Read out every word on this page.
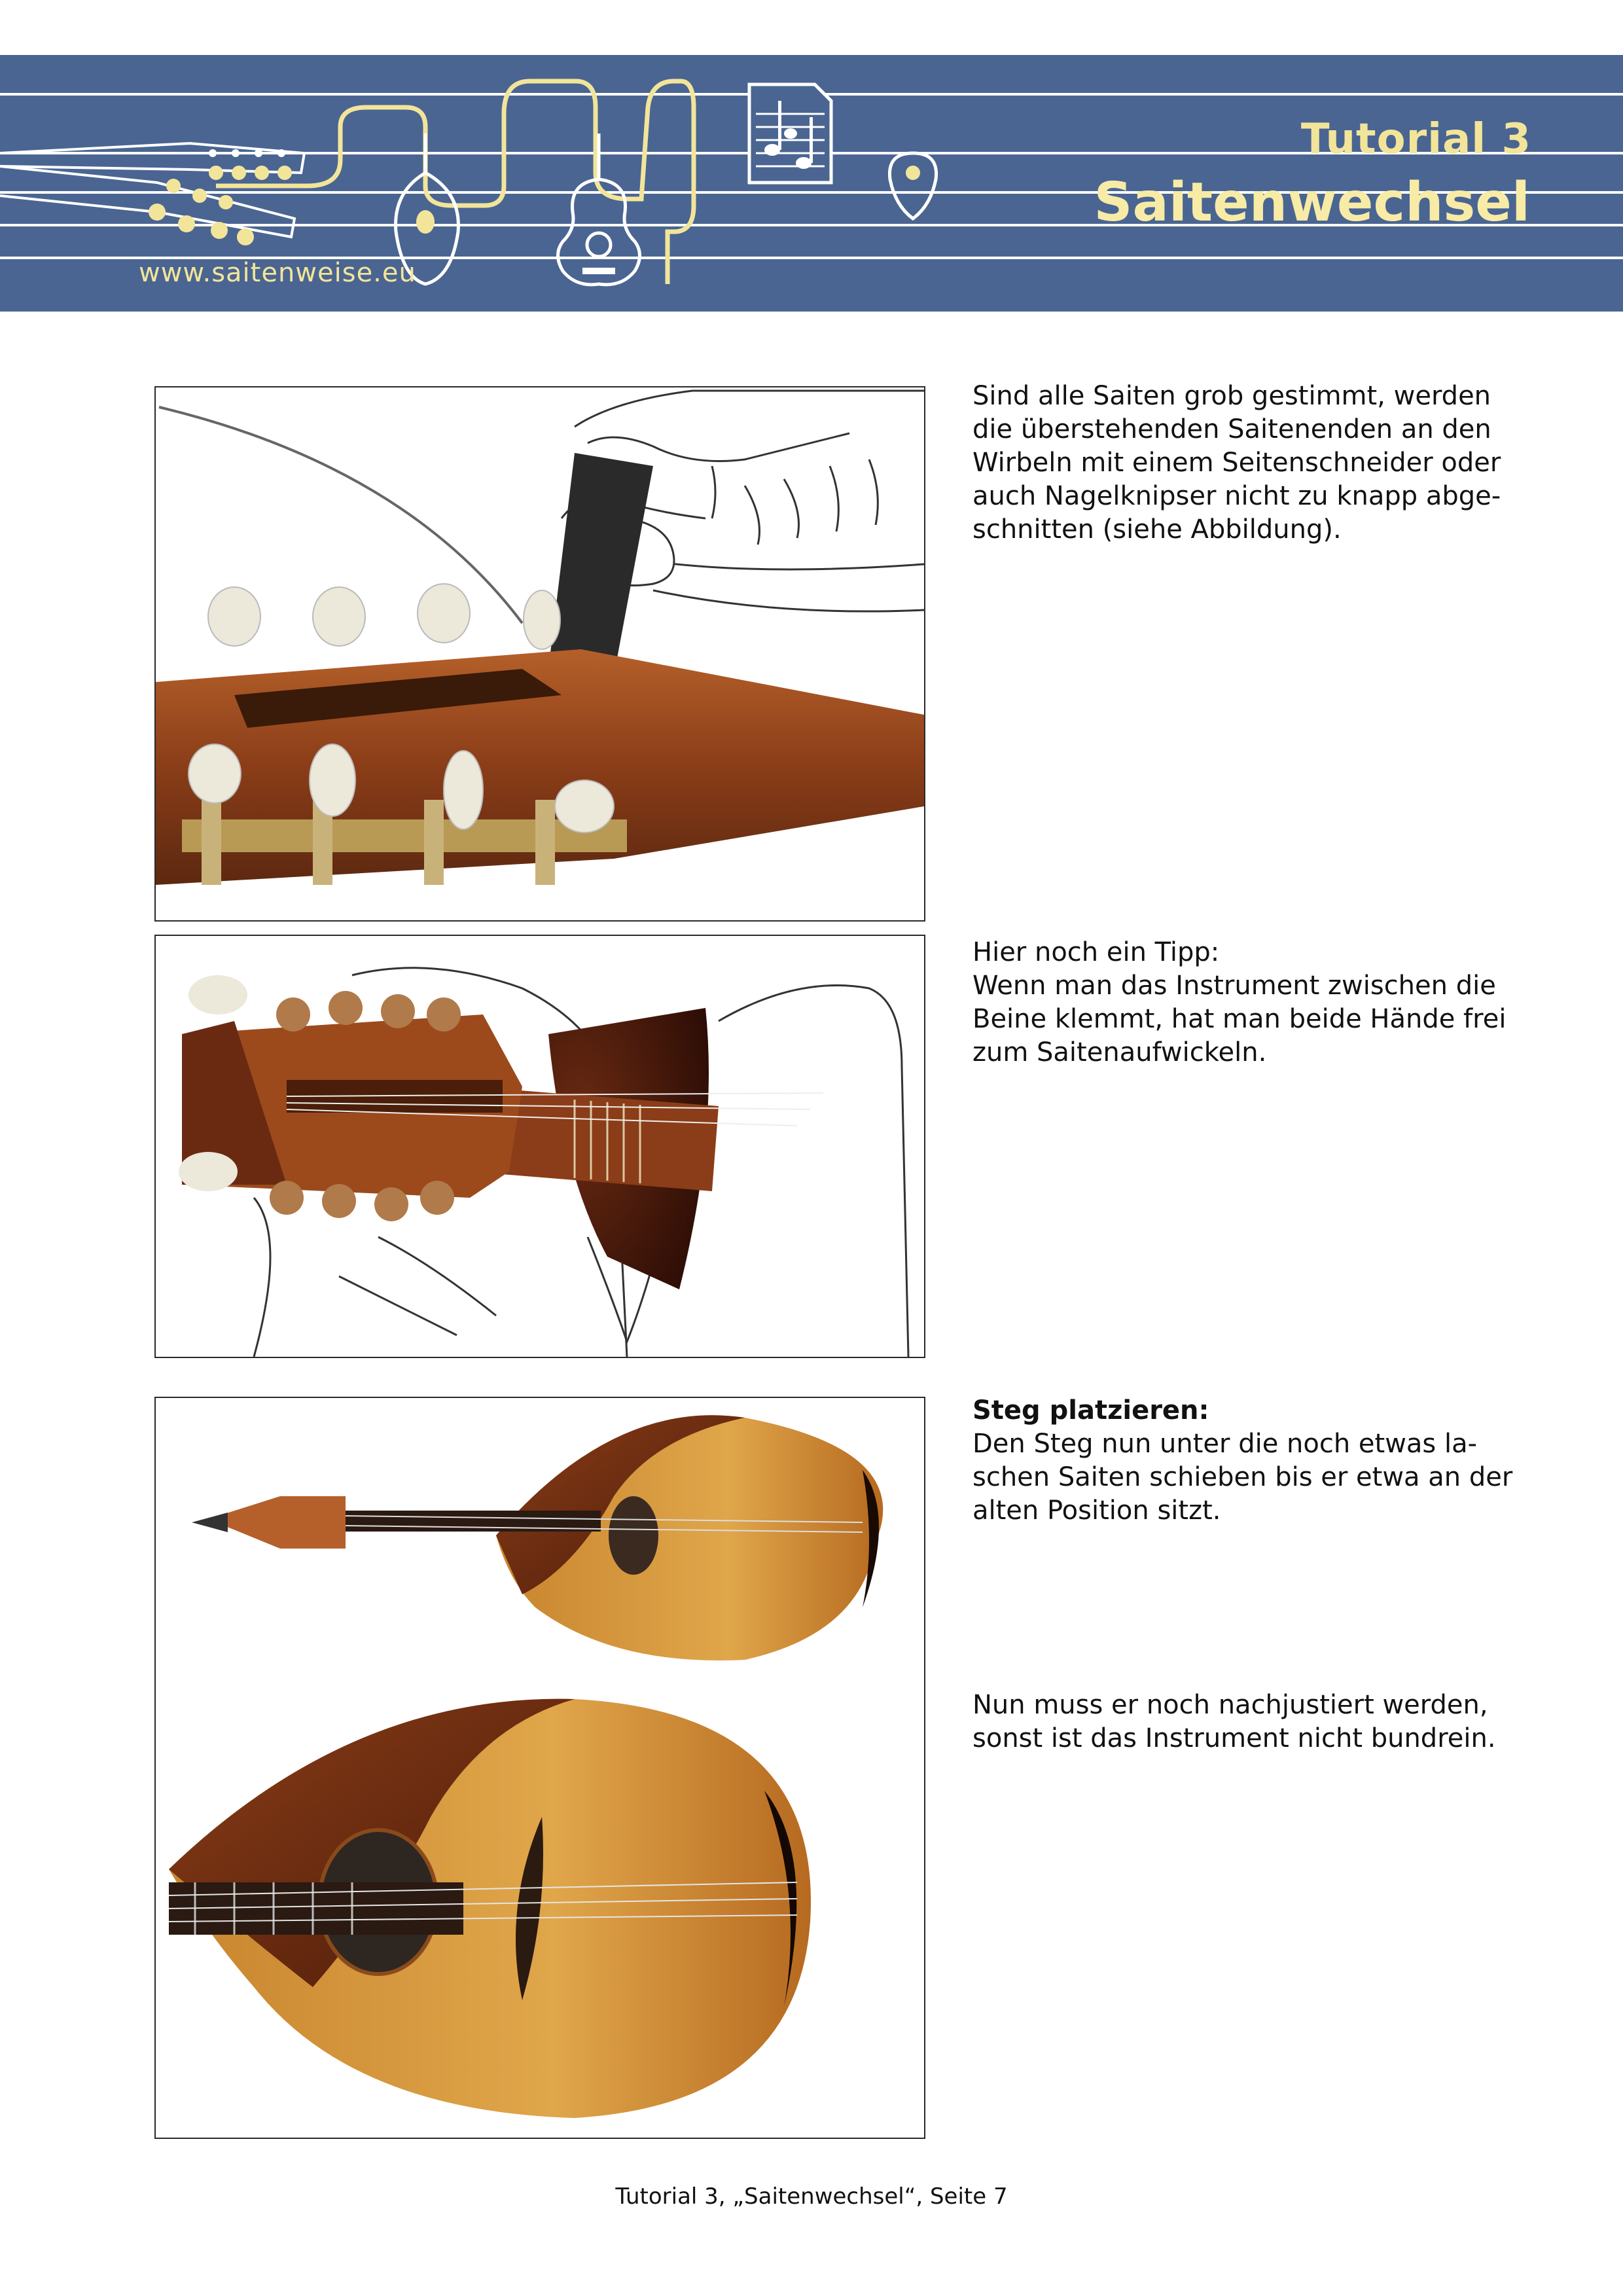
Tutorial 3
Saitenwechsel
www.saitenweise.eu
Sind alle Saiten grob gestimmt, werden
die überstehenden Saitenenden an den
Wirbeln mit einem Seitenschneider oder
auch Nagelknipser nicht zu knapp abge-
schnitten (siehe Abbildung).
Hier noch ein Tipp:
Wenn man das Instrument zwischen die
Beine klemmt, hat man beide Hände frei
zum Saitenaufwickeln.
Steg platzieren:
Den Steg nun unter die noch etwas la-
schen Saiten schieben bis er etwa an der
alten Position sitzt.
Nun muss er noch nachjustiert werden,
sonst ist das Instrument nicht bundrein.
Tutorial 3, „Saitenwechsel“, Seite 7
